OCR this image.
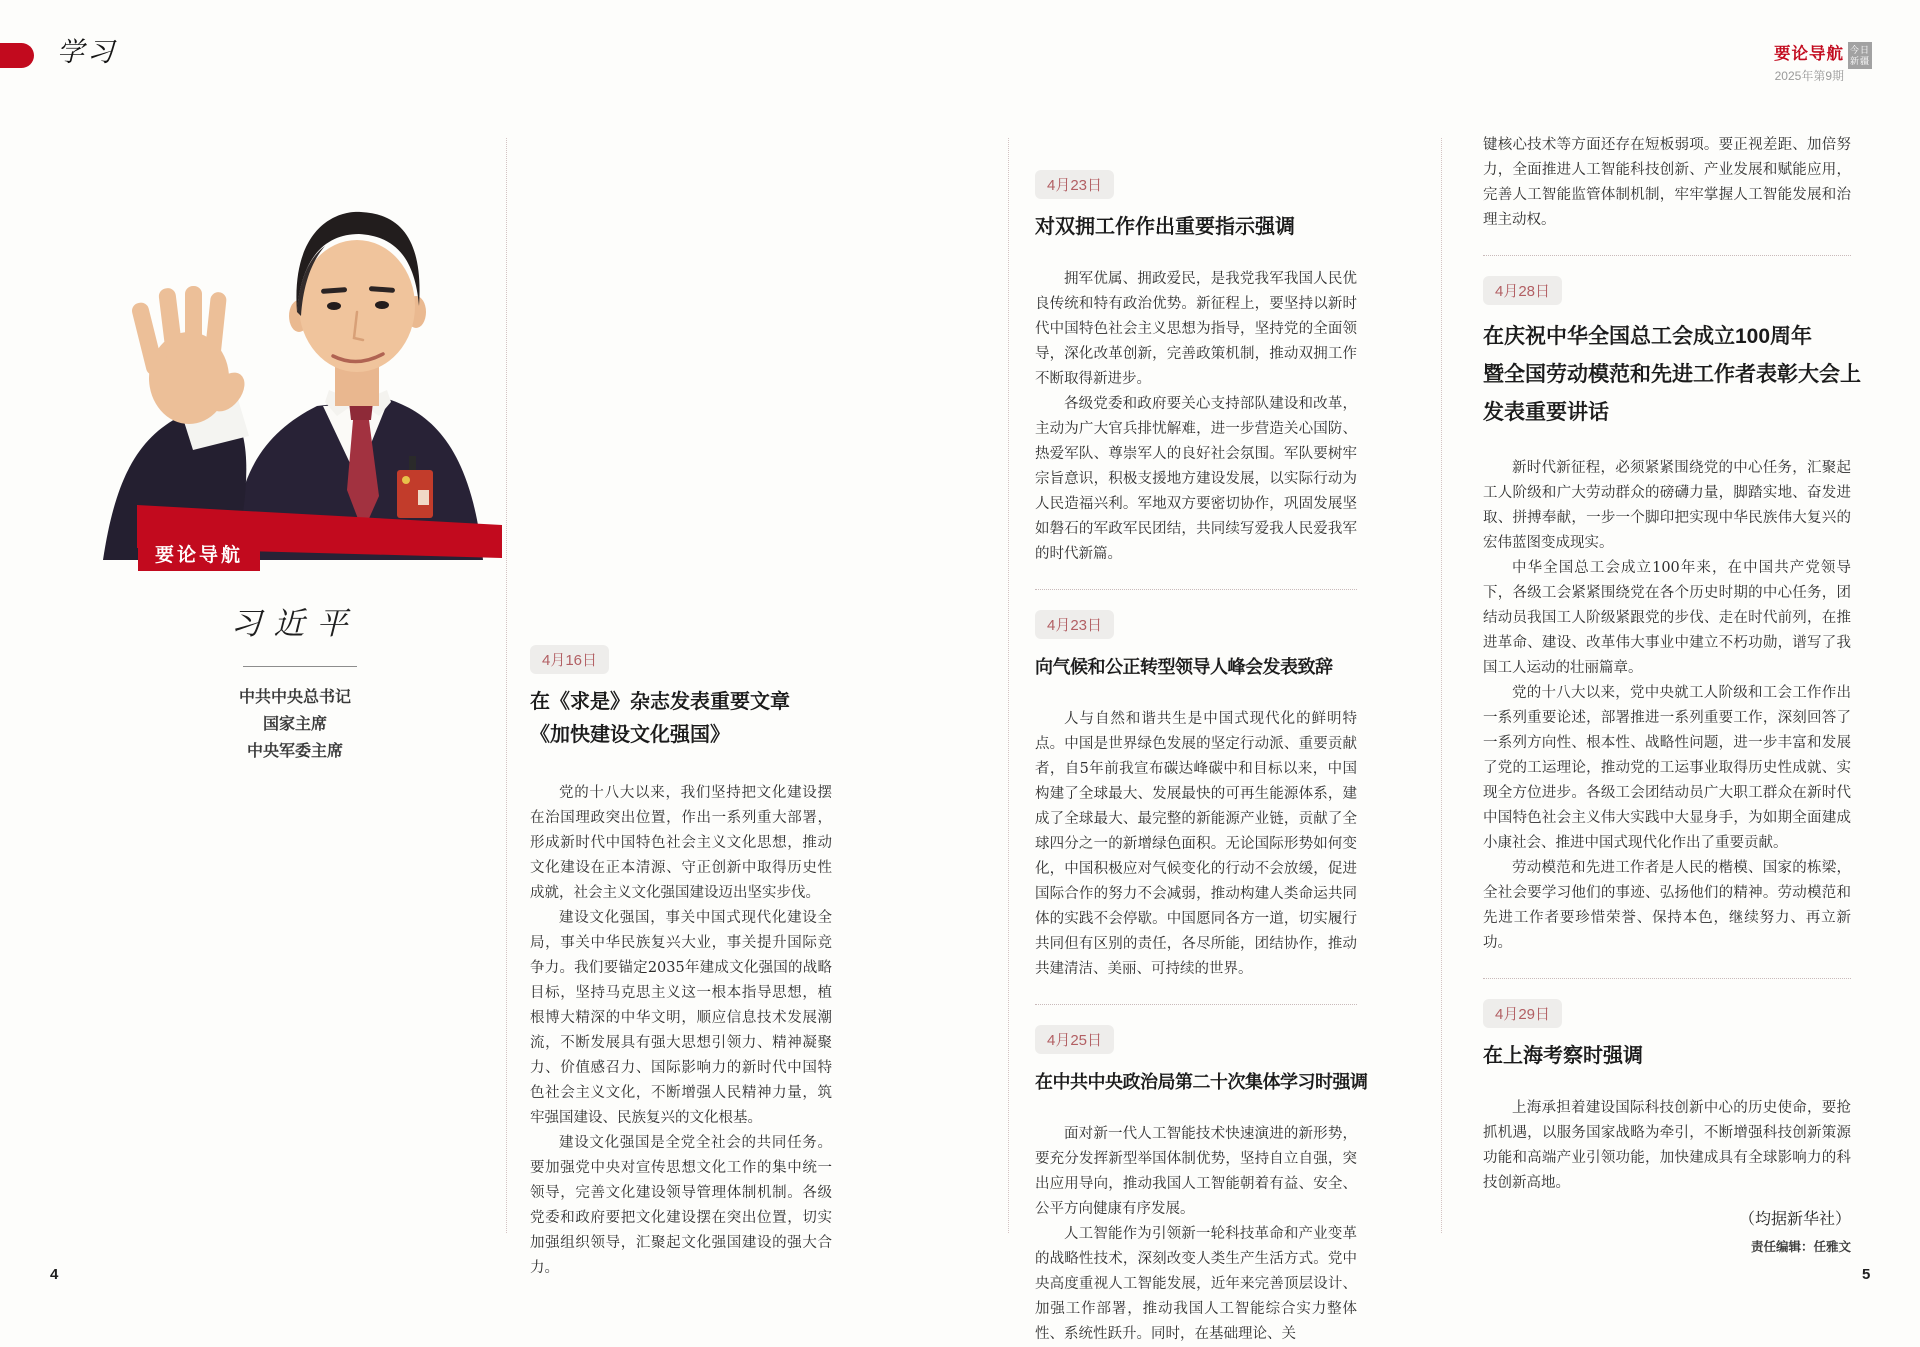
学习	要论导航
2025年第9期
今日
新疆
要论导航
习近平
中共中央总书记
国家主席
中央军委主席
4月16日
在《求是》杂志发表重要文章
《加快建设文化强国》

党的十八大以来，我们坚持把文化建设摆在治国理政突出位置，作出一系列重大部署，形成新时代中国特色社会主义文化思想，推动文化建设在正本清源、守正创新中取得历史性成就，社会主义文化强国建设迈出坚实步伐。

建设文化强国，事关中国式现代化建设全局，事关中华民族复兴大业，事关提升国际竞争力。我们要锚定2035年建成文化强国的战略目标，坚持马克思主义这一根本指导思想，植根博大精深的中华文明，顺应信息技术发展潮流，不断发展具有强大思想引领力、精神凝聚力、价值感召力、国际影响力的新时代中国特色社会主义文化，不断增强人民精神力量，筑牢强国建设、民族复兴的文化根基。

建设文化强国是全党全社会的共同任务。要加强党中央对宣传思想文化工作的集中统一领导，完善文化建设领导管理体制机制。各级党委和政府要把文化建设摆在突出位置，切实加强组织领导，汇聚起文化强国建设的强大合力。

4月23日
对双拥工作作出重要指示强调

拥军优属、拥政爱民，是我党我军我国人民优良传统和特有政治优势。新征程上，要坚持以新时代中国特色社会主义思想为指导，坚持党的全面领导，深化改革创新，完善政策机制，推动双拥工作不断取得新进步。

各级党委和政府要关心支持部队建设和改革，主动为广大官兵排忧解难，进一步营造关心国防、热爱军队、尊崇军人的良好社会氛围。军队要树牢宗旨意识，积极支援地方建设发展，以实际行动为人民造福兴利。军地双方要密切协作，巩固发展坚如磐石的军政军民团结，共同续写爱我人民爱我军的时代新篇。

4月23日
向气候和公正转型领导人峰会发表致辞

人与自然和谐共生是中国式现代化的鲜明特点。中国是世界绿色发展的坚定行动派、重要贡献者，自5年前我宣布碳达峰碳中和目标以来，中国构建了全球最大、发展最快的可再生能源体系，建成了全球最大、最完整的新能源产业链，贡献了全球四分之一的新增绿色面积。无论国际形势如何变化，中国积极应对气候变化的行动不会放缓，促进国际合作的努力不会减弱，推动构建人类命运共同体的实践不会停歇。中国愿同各方一道，切实履行共同但有区别的责任，各尽所能，团结协作，推动共建清洁、美丽、可持续的世界。

4月25日
在中共中央政治局第二十次集体学习时强调

面对新一代人工智能技术快速演进的新形势，要充分发挥新型举国体制优势，坚持自立自强，突出应用导向，推动我国人工智能朝着有益、安全、公平方向健康有序发展。

人工智能作为引领新一轮科技革命和产业变革的战略性技术，深刻改变人类生产生活方式。党中央高度重视人工智能发展，近年来完善顶层设计、加强工作部署，推动我国人工智能综合实力整体性、系统性跃升。同时，在基础理论、关

键核心技术等方面还存在短板弱项。要正视差距、加倍努力，全面推进人工智能科技创新、产业发展和赋能应用，完善人工智能监管体制机制，牢牢掌握人工智能发展和治理主动权。

4月28日
在庆祝中华全国总工会成立100周年
暨全国劳动模范和先进工作者表彰大会上
发表重要讲话

新时代新征程，必须紧紧围绕党的中心任务，汇聚起工人阶级和广大劳动群众的磅礴力量，脚踏实地、奋发进取、拼搏奉献，一步一个脚印把实现中华民族伟大复兴的宏伟蓝图变成现实。

中华全国总工会成立100年来，在中国共产党领导下，各级工会紧紧围绕党在各个历史时期的中心任务，团结动员我国工人阶级紧跟党的步伐、走在时代前列，在推进革命、建设、改革伟大事业中建立不朽功勋，谱写了我国工人运动的壮丽篇章。

党的十八大以来，党中央就工人阶级和工会工作作出一系列重要论述，部署推进一系列重要工作，深刻回答了一系列方向性、根本性、战略性问题，进一步丰富和发展了党的工运理论，推动党的工运事业取得历史性成就、实现全方位进步。各级工会团结动员广大职工群众在新时代中国特色社会主义伟大实践中大显身手，为如期全面建成小康社会、推进中国式现代化作出了重要贡献。

劳动模范和先进工作者是人民的楷模、国家的栋梁，全社会要学习他们的事迹、弘扬他们的精神。劳动模范和先进工作者要珍惜荣誉、保持本色，继续努力、再立新功。

4月29日
在上海考察时强调

上海承担着建设国际科技创新中心的历史使命，要抢抓机遇，以服务国家战略为牵引，不断增强科技创新策源功能和高端产业引领功能，加快建成具有全球影响力的科技创新高地。

（均据新华社）
责任编辑：任雅文
4	5
